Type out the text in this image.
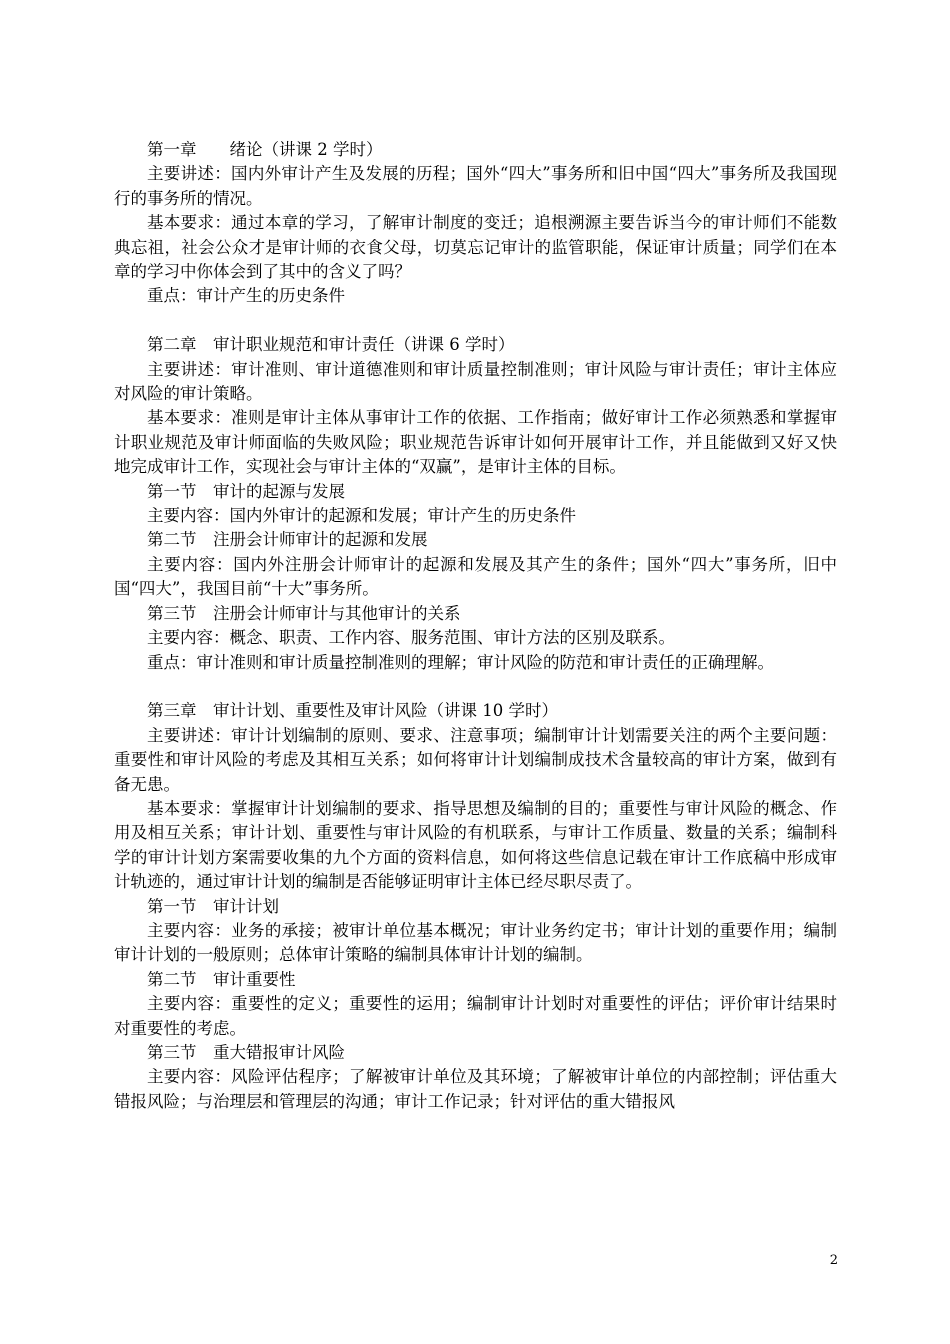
第一章　　绪论（讲课 2 学时）

主要讲述：国内外审计产生及发展的历程；国外“四大”事务所和旧中国“四大”事务所及我国现行的事务所的情况。

基本要求：通过本章的学习，了解审计制度的变迁；追根溯源主要告诉当今的审计师们不能数典忘祖，社会公众才是审计师的衣食父母，切莫忘记审计的监管职能，保证审计质量；同学们在本章的学习中你体会到了其中的含义了吗？

重点：审计产生的历史条件

第二章　审计职业规范和审计责任（讲课 6 学时）

主要讲述：审计准则、审计道德准则和审计质量控制准则；审计风险与审计责任；审计主体应对风险的审计策略。

基本要求：准则是审计主体从事审计工作的依据、工作指南；做好审计工作必须熟悉和掌握审计职业规范及审计师面临的失败风险；职业规范告诉审计如何开展审计工作，并且能做到又好又快地完成审计工作，实现社会与审计主体的“双赢”，是审计主体的目标。

第一节　审计的起源与发展

主要内容：国内外审计的起源和发展；审计产生的历史条件

第二节　注册会计师审计的起源和发展

主要内容：国内外注册会计师审计的起源和发展及其产生的条件；国外“四大”事务所，旧中国“四大”，我国目前“十大”事务所。

第三节　注册会计师审计与其他审计的关系

主要内容：概念、职责、工作内容、服务范围、审计方法的区别及联系。

重点：审计准则和审计质量控制准则的理解；审计风险的防范和审计责任的正确理解。

第三章　审计计划、重要性及审计风险（讲课 10 学时）

主要讲述：审计计划编制的原则、要求、注意事项；编制审计计划需要关注的两个主要问题：重要性和审计风险的考虑及其相互关系；如何将审计计划编制成技术含量较高的审计方案，做到有备无患。

基本要求：掌握审计计划编制的要求、指导思想及编制的目的；重要性与审计风险的概念、作用及相互关系；审计计划、重要性与审计风险的有机联系，与审计工作质量、数量的关系；编制科学的审计计划方案需要收集的九个方面的资料信息，如何将这些信息记载在审计工作底稿中形成审计轨迹的，通过审计计划的编制是否能够证明审计主体已经尽职尽责了。

第一节　审计计划

主要内容：业务的承接；被审计单位基本概况；审计业务约定书；审计计划的重要作用；编制审计计划的一般原则；总体审计策略的编制具体审计计划的编制。

第二节　审计重要性

主要内容：重要性的定义；重要性的运用；编制审计计划时对重要性的评估；评价审计结果时对重要性的考虑。

第三节　重大错报审计风险

主要内容：风险评估程序；了解被审计单位及其环境；了解被审计单位的内部控制；评估重大错报风险；与治理层和管理层的沟通；审计工作记录；针对评估的重大错报风

2
